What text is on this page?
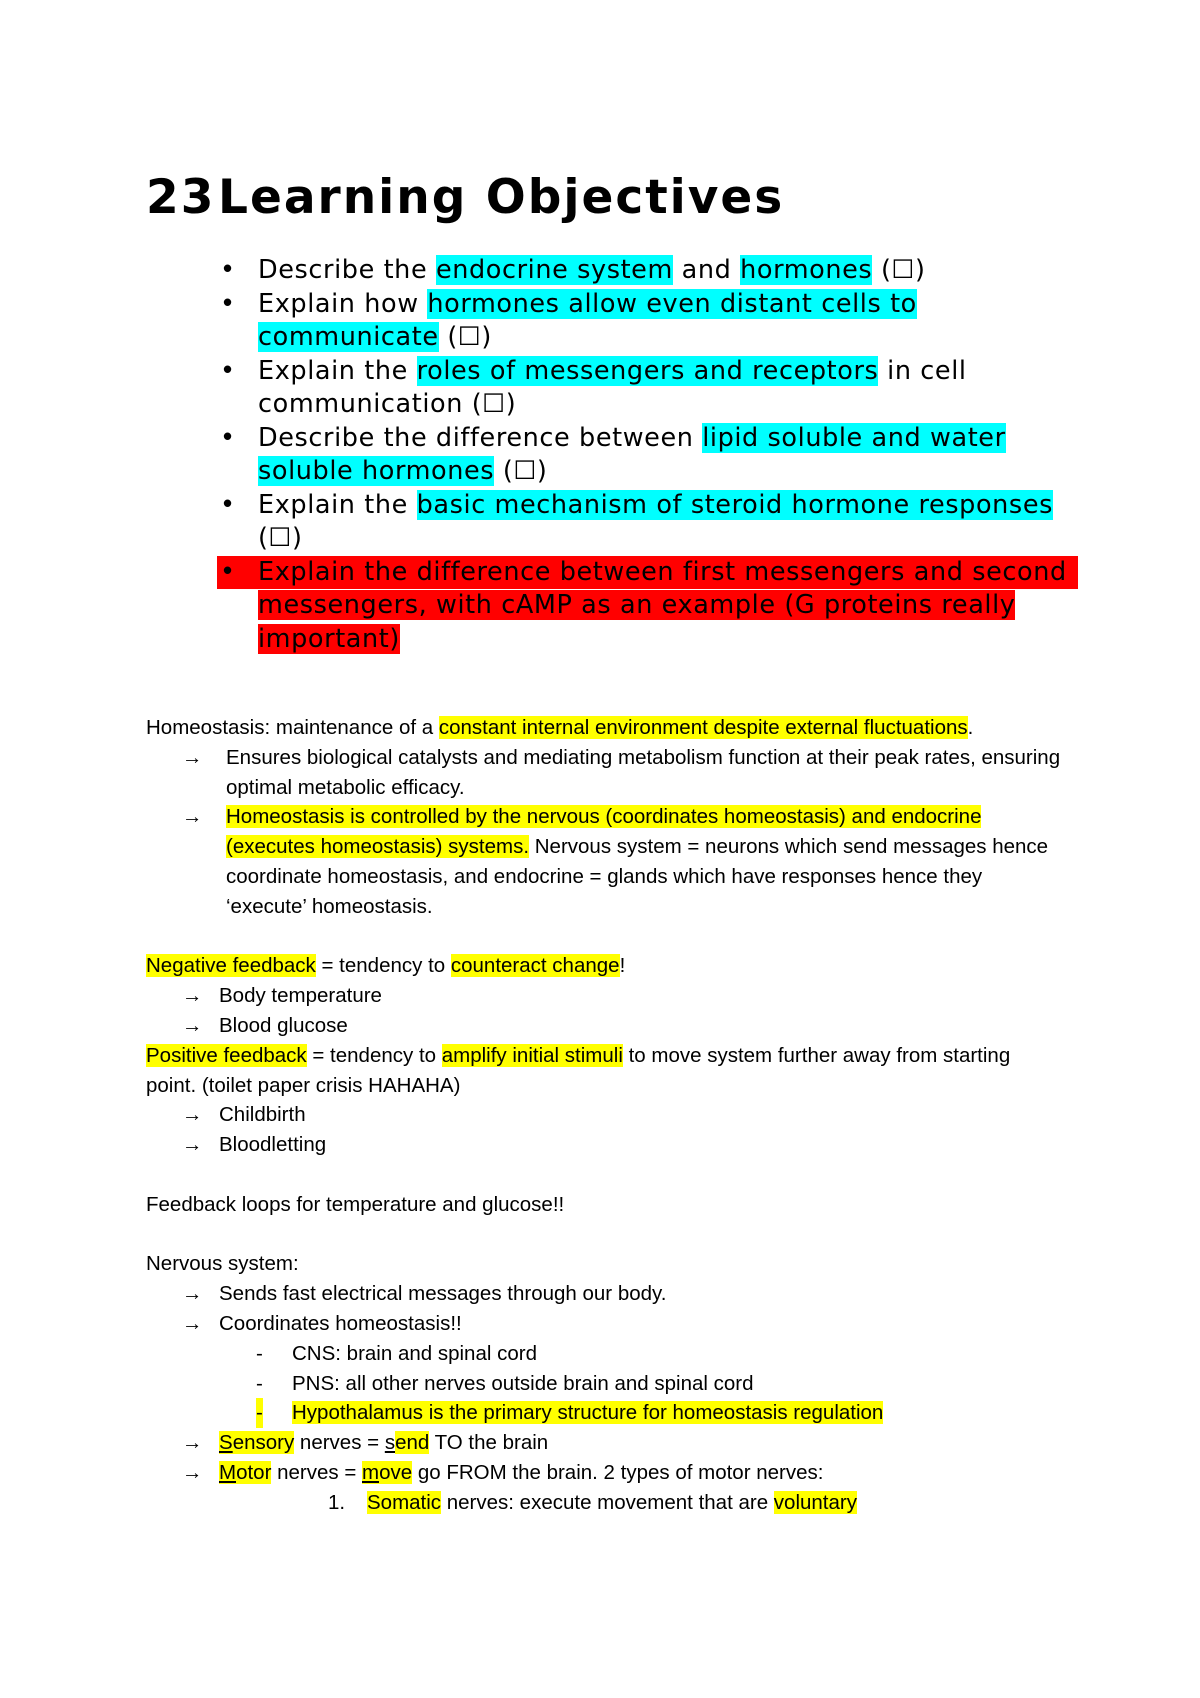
23Learning Objectives
• Describe the endocrine system and hormones (☐)
• Explain how hormones allow even distant cells to communicate (☐)
• Explain the roles of messengers and receptors in cell communication (☐)
• Describe the difference between lipid soluble and water soluble hormones (☐)
• Explain the basic mechanism of steroid hormone responses (☐)
• Explain the difference between first messengers and second messengers, with cAMP as an example (G proteins really important)

Homeostasis: maintenance of a constant internal environment despite external fluctuations.

→ Ensures biological catalysts and mediating metabolism function at their peak rates, ensuring optimal metabolic efficacy.
→ Homeostasis is controlled by the nervous (coordinates homeostasis) and endocrine (executes homeostasis) systems. Nervous system = neurons which send messages hence coordinate homeostasis, and endocrine = glands which have responses hence they ‘execute’ homeostasis.

Negative feedback = tendency to counteract change!

→ Body temperature
→ Blood glucose

Positive feedback = tendency to amplify initial stimuli to move system further away from starting point. (toilet paper crisis HAHAHA)

→ Childbirth
→ Bloodletting

Feedback loops for temperature and glucose!!

Nervous system:

→ Sends fast electrical messages through our body.
→ Coordinates homeostasis!!
- CNS: brain and spinal cord
- PNS: all other nerves outside brain and spinal cord
- Hypothalamus is the primary structure for homeostasis regulation
→ Sensory nerves = send TO the brain
→ Motor nerves = move go FROM the brain. 2 types of motor nerves:
1. Somatic nerves: execute movement that are voluntary
